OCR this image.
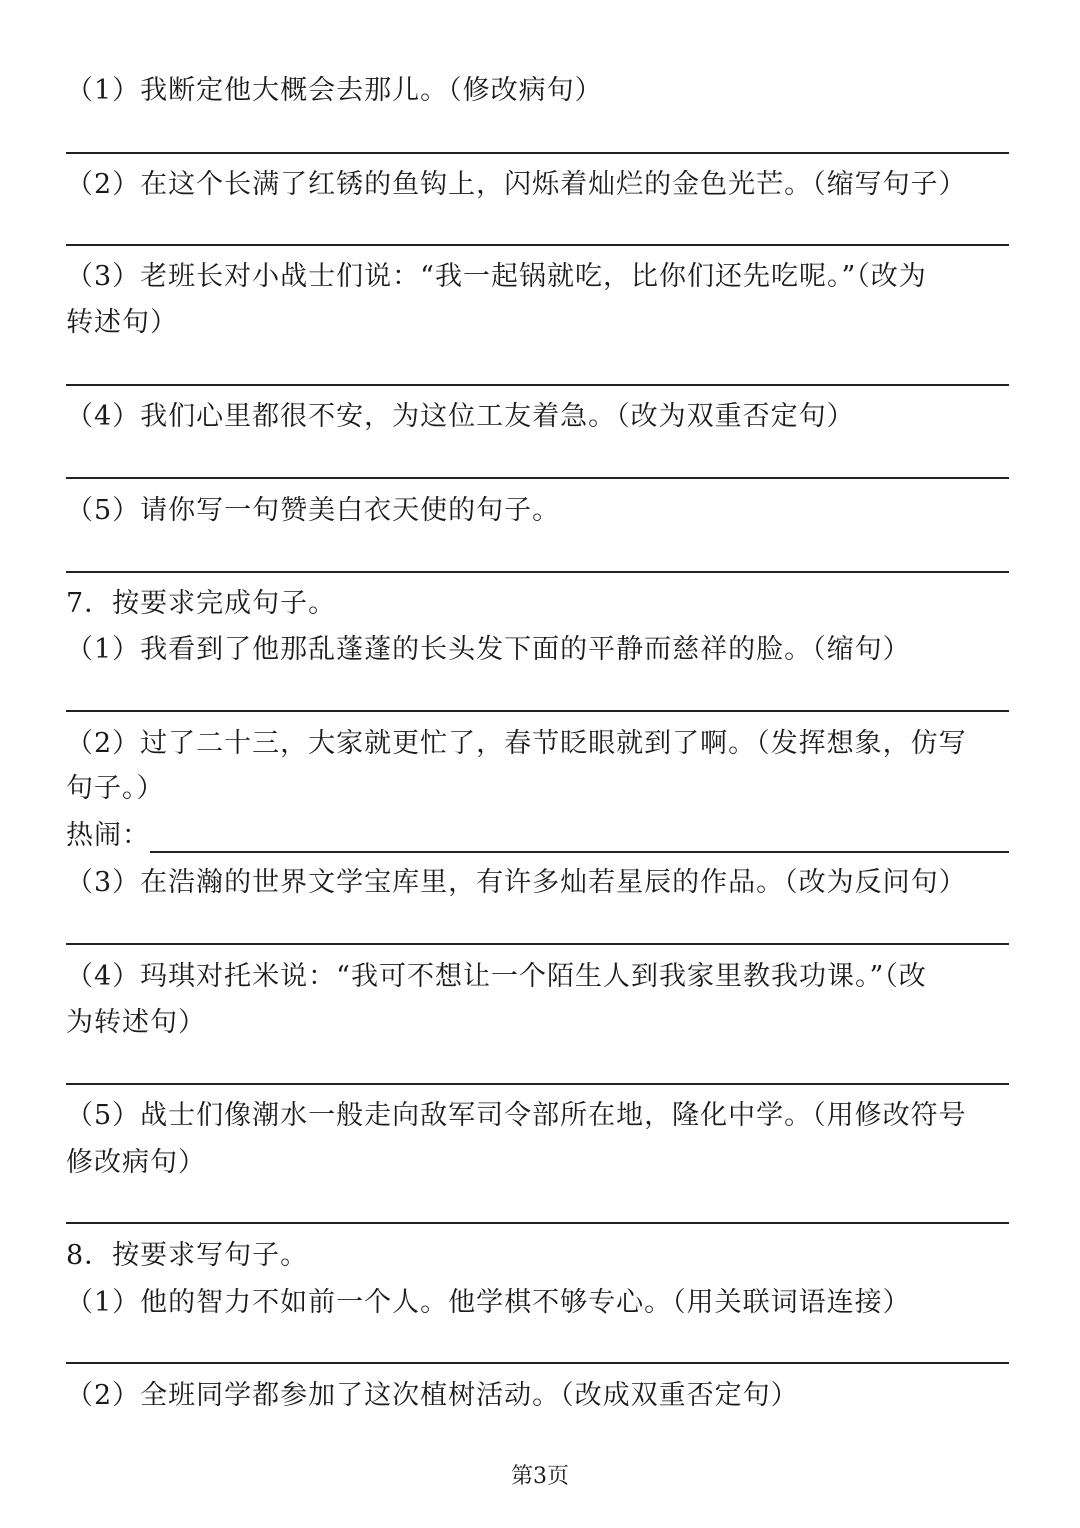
（1）我断定他大概会去那儿。（修改病句）
（2）在这个长满了红锈的鱼钩上，闪烁着灿烂的金色光芒。（缩写句子）
（3）老班长对小战士们说：“我一起锅就吃，比你们还先吃呢。”（改为
转述句）
（4）我们心里都很不安，为这位工友着急。（改为双重否定句）
（5）请你写一句赞美白衣天使的句子。
7．按要求完成句子。
（1）我看到了他那乱蓬蓬的长头发下面的平静而慈祥的脸。（缩句）
（2）过了二十三，大家就更忙了，春节眨眼就到了啊。（发挥想象，仿写
句子。）
热闹：
（3）在浩瀚的世界文学宝库里，有许多灿若星辰的作品。（改为反问句）
（4）玛琪对托米说：“我可不想让一个陌生人到我家里教我功课。”（改
为转述句）
（5）战士们像潮水一般走向敌军司令部所在地，隆化中学。（用修改符号
修改病句）
8．按要求写句子。
（1）他的智力不如前一个人。他学棋不够专心。（用关联词语连接）
（2）全班同学都参加了这次植树活动。（改成双重否定句）
第3页
